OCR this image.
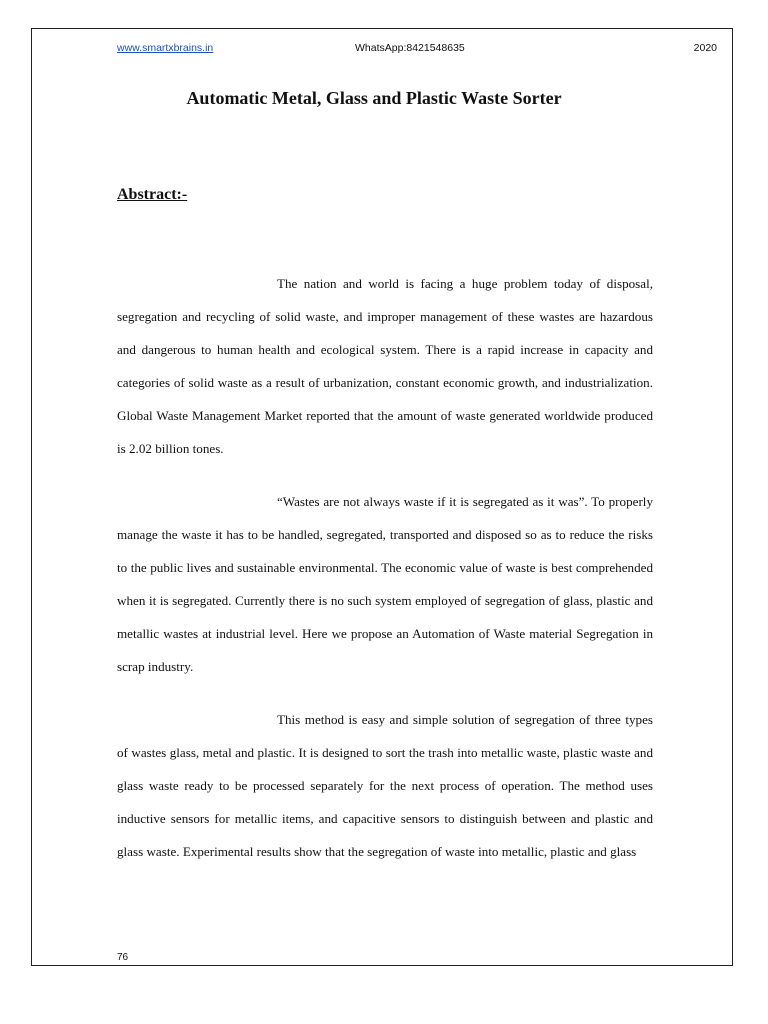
www.smartxbrains.in	WhatsApp:8421548635	2020
Automatic Metal, Glass and Plastic Waste Sorter
Abstract:-

The nation and world is facing a huge problem today of disposal, segregation and recycling of solid waste, and improper management of these wastes are hazardous and dangerous to human health and ecological system. There is a rapid increase in capacity and categories of solid waste as a result of urbanization, constant economic growth, and industrialization. Global Waste Management Market reported that the amount of waste generated worldwide produced is 2.02 billion tones.

“Wastes are not always waste if it is segregated as it was”. To properly manage the waste it has to be handled, segregated, transported and disposed so as to reduce the risks to the public lives and sustainable environmental. The economic value of waste is best comprehended when it is segregated. Currently there is no such system employed of segregation of glass, plastic and metallic wastes at industrial level. Here we propose an Automation of Waste material Segregation in scrap industry.

This method is easy and simple solution of segregation of three types of wastes glass, metal and plastic. It is designed to sort the trash into metallic waste, plastic waste and glass waste ready to be processed separately for the next process of operation. The method uses inductive sensors for metallic items, and capacitive sensors to distinguish between and plastic and glass waste. Experimental results show that the segregation of waste into metallic, plastic and glass

76
